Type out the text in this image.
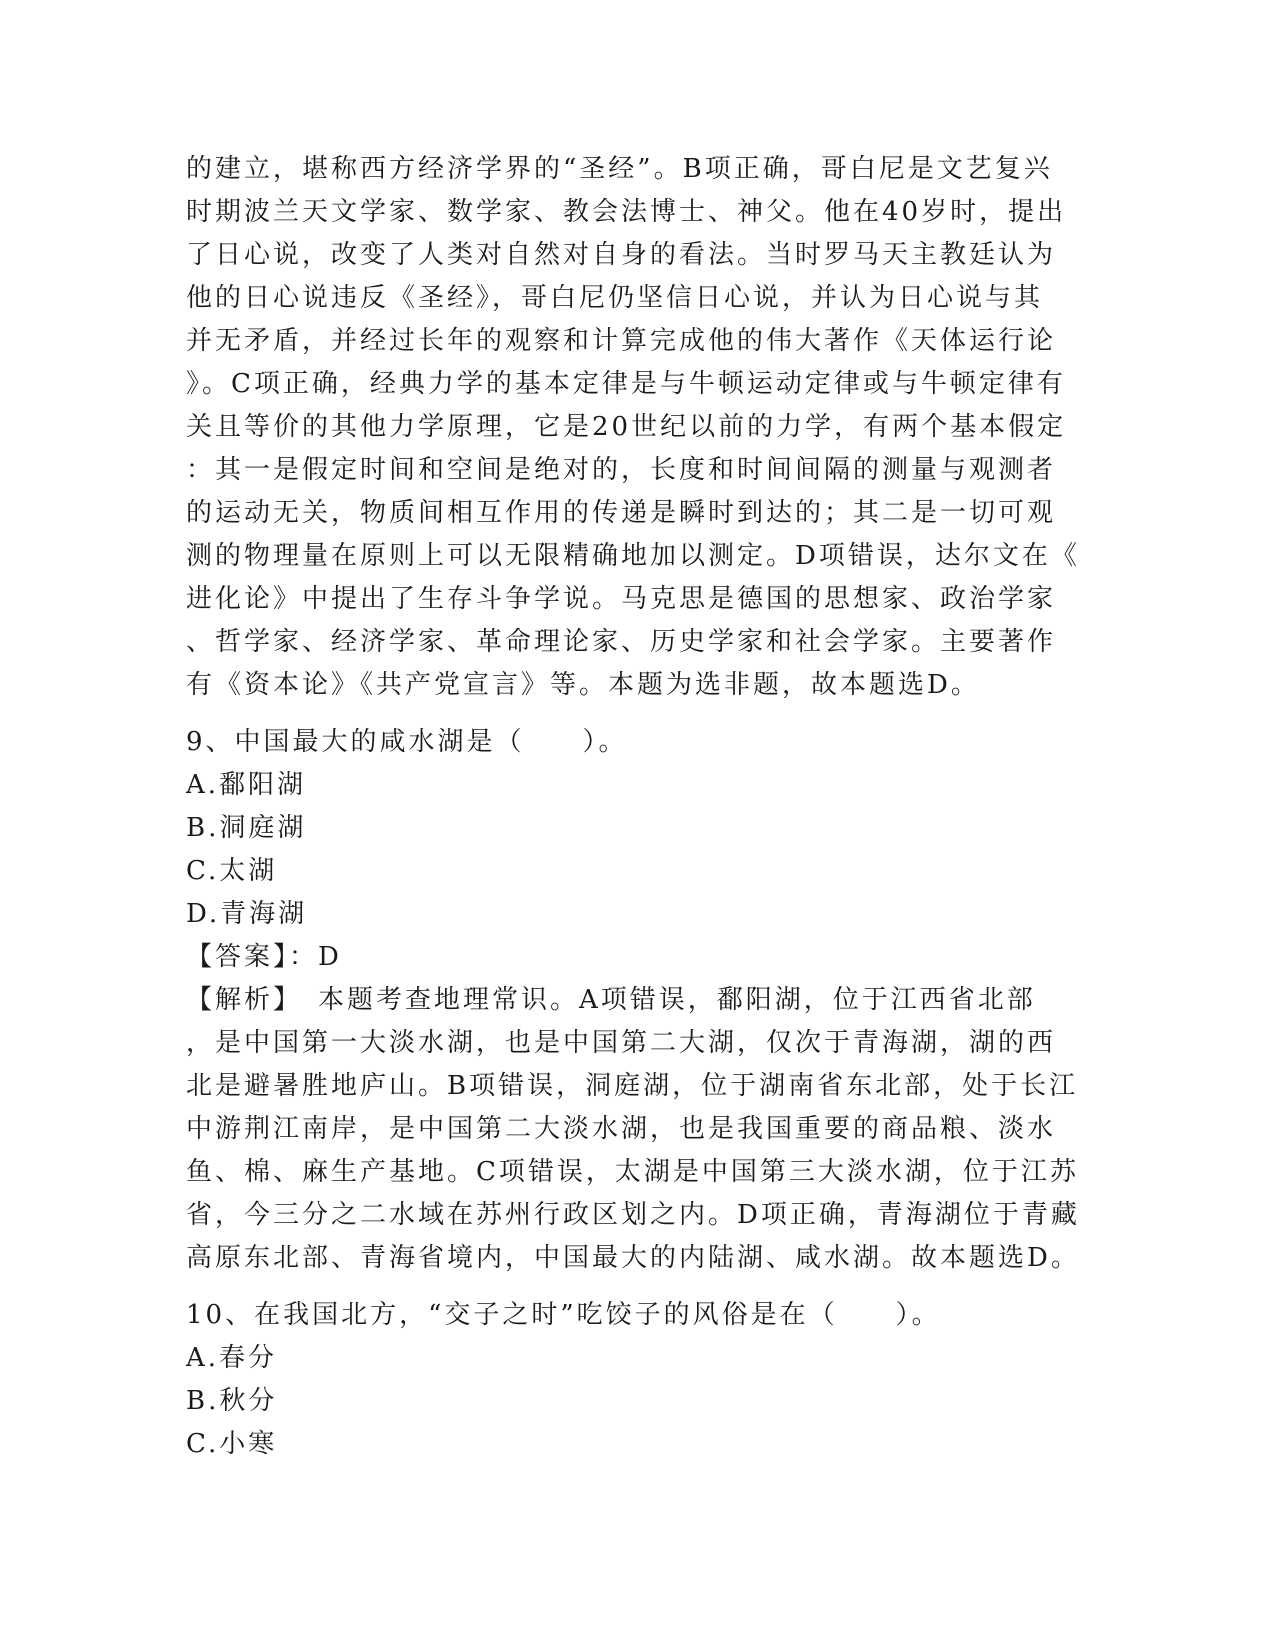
的建立，堪称西方经济学界的“圣经”。B项正确，哥白尼是文艺复兴
时期波兰天文学家、数学家、教会法博士、神父。他在40岁时，提出
了日心说，改变了人类对自然对自身的看法。当时罗马天主教廷认为
他的日心说违反《圣经》，哥白尼仍坚信日心说，并认为日心说与其
并无矛盾，并经过长年的观察和计算完成他的伟大著作《天体运行论
》。C项正确，经典力学的基本定律是与牛顿运动定律或与牛顿定律有
关且等价的其他力学原理，它是20世纪以前的力学，有两个基本假定
：其一是假定时间和空间是绝对的，长度和时间间隔的测量与观测者
的运动无关，物质间相互作用的传递是瞬时到达的；其二是一切可观
测的物理量在原则上可以无限精确地加以测定。D项错误，达尔文在《
进化论》中提出了生存斗争学说。马克思是德国的思想家、政治学家
、哲学家、经济学家、革命理论家、历史学家和社会学家。主要著作
有《资本论》《共产党宣言》等。本题为选非题，故本题选D。
9、中国最大的咸水湖是（　　）。
A.鄱阳湖
B.洞庭湖
C.太湖
D.青海湖
【答案】：D
【解析】　本题考查地理常识。A项错误，鄱阳湖，位于江西省北部
，是中国第一大淡水湖，也是中国第二大湖，仅次于青海湖，湖的西
北是避暑胜地庐山。B项错误，洞庭湖，位于湖南省东北部，处于长江
中游荆江南岸，是中国第二大淡水湖，也是我国重要的商品粮、淡水
鱼、棉、麻生产基地。C项错误，太湖是中国第三大淡水湖，位于江苏
省，今三分之二水域在苏州行政区划之内。D项正确，青海湖位于青藏
高原东北部、青海省境内，中国最大的内陆湖、咸水湖。故本题选D。
10、在我国北方，“交子之时”吃饺子的风俗是在（　　）。
A.春分
B.秋分
C.小寒
